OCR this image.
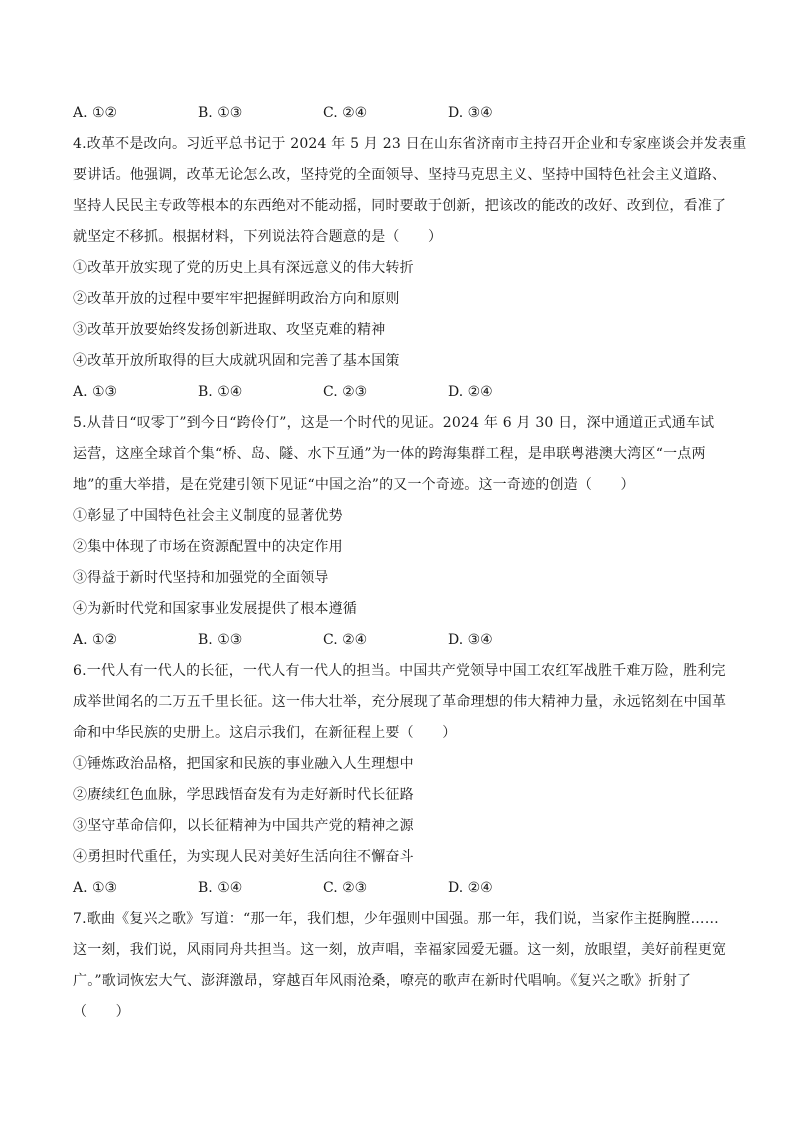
A. ①②	B. ①③	C. ②④	D. ③④
4.改革不是改向。习近平总书记于 2024 年 5 月 23 日在山东省济南市主持召开企业和专家座谈会并发表重
要讲话。他强调，改革无论怎么改，坚持党的全面领导、坚持马克思主义、坚持中国特色社会主义道路、
坚持人民民主专政等根本的东西绝对不能动摇，同时要敢于创新，把该改的能改的改好、改到位，看准了
就坚定不移抓。根据材料，下列说法符合题意的是（　　）
①改革开放实现了党的历史上具有深远意义的伟大转折
②改革开放的过程中要牢牢把握鲜明政治方向和原则
③改革开放要始终发扬创新进取、攻坚克难的精神
④改革开放所取得的巨大成就巩固和完善了基本国策
A. ①③	B. ①④	C. ②③	D. ②④
5.从昔日“叹零丁”到今日“跨伶仃”，这是一个时代的见证。2024 年 6 月 30 日，深中通道正式通车试
运营，这座全球首个集“桥、岛、隧、水下互通”为一体的跨海集群工程，是串联粤港澳大湾区“一点两
地”的重大举措，是在党建引领下见证“中国之治”的又一个奇迹。这一奇迹的创造（　　）
①彰显了中国特色社会主义制度的显著优势
②集中体现了市场在资源配置中的决定作用
③得益于新时代坚持和加强党的全面领导
④为新时代党和国家事业发展提供了根本遵循
A. ①②	B. ①③	C. ②④	D. ③④
6.一代人有一代人的长征，一代人有一代人的担当。中国共产党领导中国工农红军战胜千难万险，胜利完
成举世闻名的二万五千里长征。这一伟大壮举，充分展现了革命理想的伟大精神力量，永远铭刻在中国革
命和中华民族的史册上。这启示我们，在新征程上要（　　）
①锤炼政治品格，把国家和民族的事业融入人生理想中
②赓续红色血脉，学思践悟奋发有为走好新时代长征路
③坚守革命信仰，以长征精神为中国共产党的精神之源
④勇担时代重任，为实现人民对美好生活向往不懈奋斗
A. ①③	B. ①④	C. ②③	D. ②④
7.歌曲《复兴之歌》写道：“那一年，我们想，少年强则中国强。那一年，我们说，当家作主挺胸膛……
这一刻，我们说，风雨同舟共担当。这一刻，放声唱，幸福家园爱无疆。这一刻，放眼望，美好前程更宽
广。”歌词恢宏大气、澎湃激昂，穿越百年风雨沧桑，嘹亮的歌声在新时代唱响。《复兴之歌》折射了
（　　）
